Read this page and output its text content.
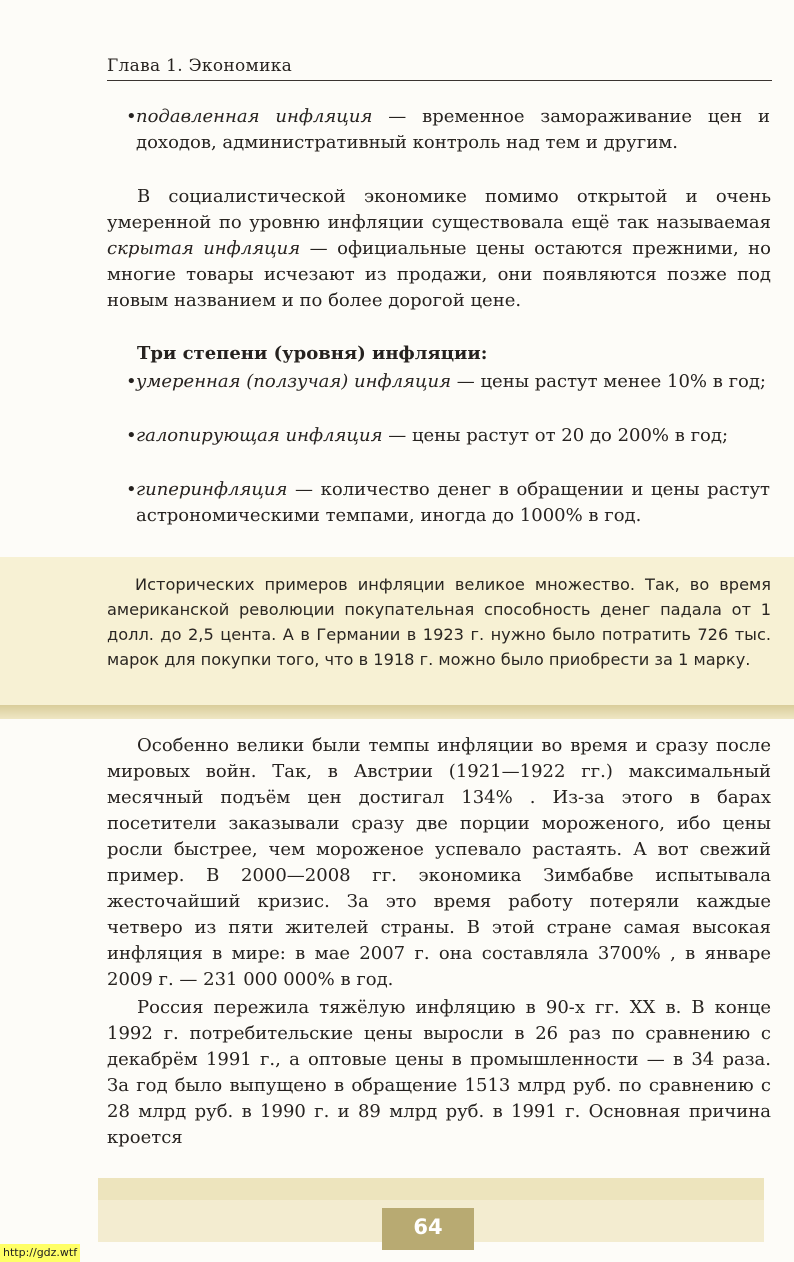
Глава 1. Экономика

• подавленная инфляция — временное замораживание цен и доходов, административный контроль над тем и другим.

В социалистической экономике помимо открытой и очень умеренной по уровню инфляции существовала ещё так называемая скрытая инфляция — официальные цены остаются прежними, но многие товары исчезают из продажи, они появляются позже под новым названием и по более дорогой цене.

Три степени (уровня) инфляции:

• умеренная (ползучая) инфляция — цены растут менее 10% в год;

• галопирующая инфляция — цены растут от 20 до 200% в год;

• гиперинфляция — количество денег в обращении и цены растут астрономическими темпами, иногда до 1000% в год.

Исторических примеров инфляции великое множество. Так, во время американской революции покупательная способность денег падала от 1 долл. до 2,5 цента. А в Германии в 1923 г. нужно было потратить 726 тыс. марок для покупки того, что в 1918 г. можно было приобрести за 1 марку.

Особенно велики были темпы инфляции во время и сразу после мировых войн. Так, в Австрии (1921—1922 гг.) максимальный месячный подъём цен достигал 134% . Из-за этого в барах посетители заказывали сразу две порции мороженого, ибо цены росли быстрее, чем мороженое успевало растаять. А вот свежий пример. В 2000—2008 гг. экономика Зимбабве испытывала жесточайший кризис. За это время работу потеряли каждые четверо из пяти жителей страны. В этой стране самая высокая инфляция в мире: в мае 2007 г. она составляла 3700% , в январе 2009 г. — 231 000 000% в год.

Россия пережила тяжёлую инфляцию в 90-х гг. XX в. В конце 1992 г. потребительские цены выросли в 26 раз по сравнению с декабрём 1991 г., а оптовые цены в промышленности — в 34 раза. За год было выпущено в обращение 1513 млрд руб. по сравнению с 28 млрд руб. в 1990 г. и 89 млрд руб. в 1991 г. Основная причина кроется

64
http://gdz.wtf
